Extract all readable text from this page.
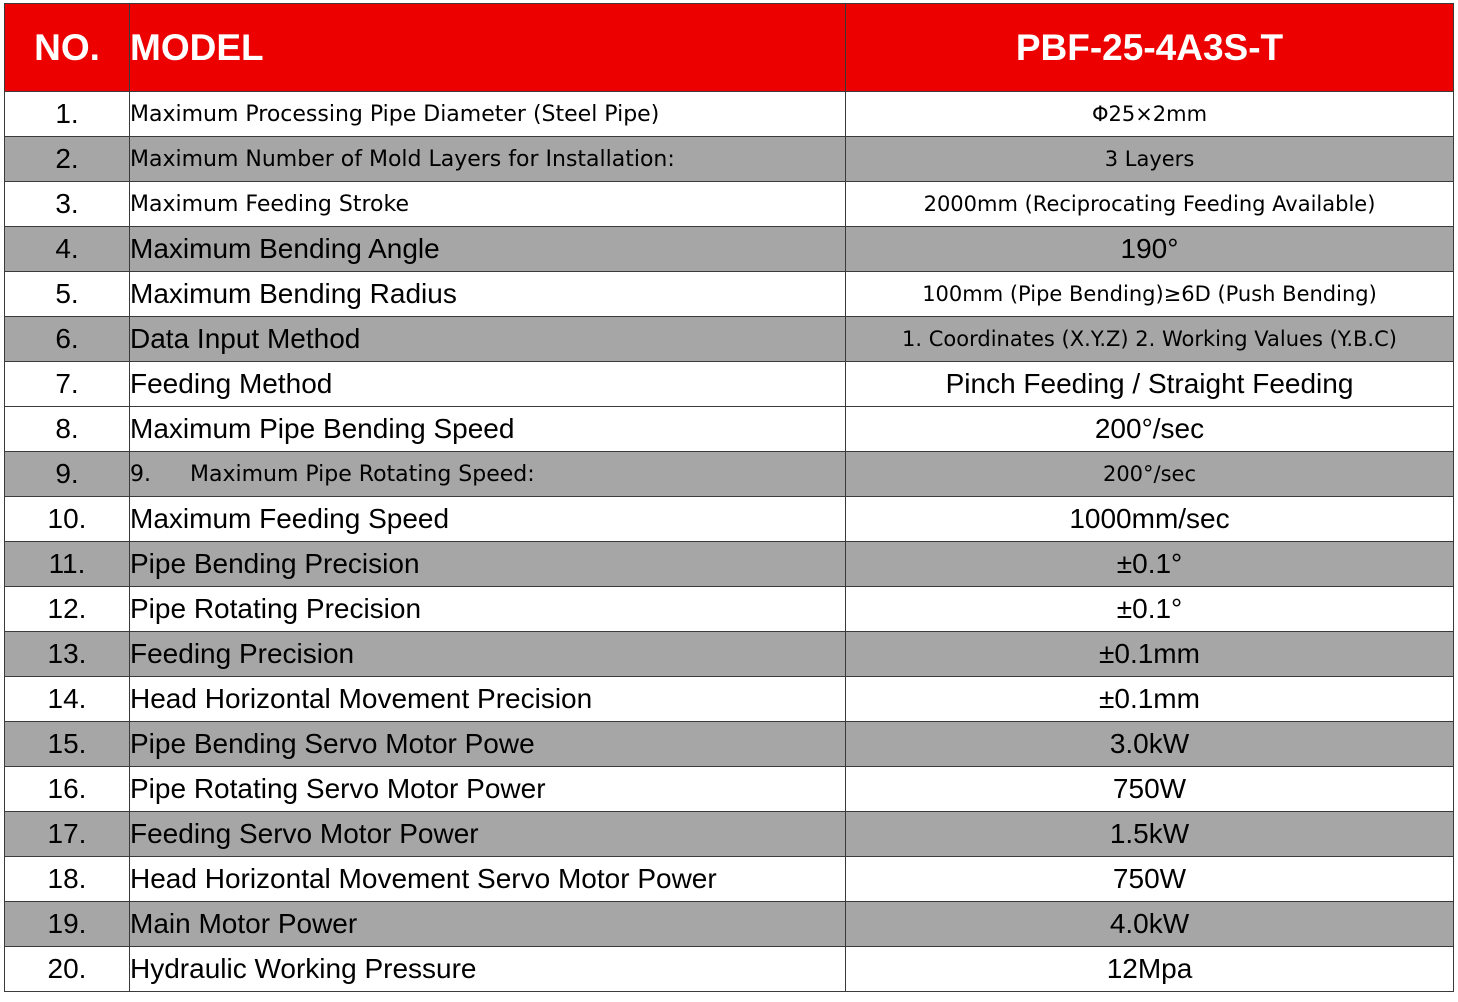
NO.	MODEL	PBF-25-4A3S-T
1.	Maximum Processing Pipe Diameter (Steel Pipe)	Φ25×2mm
2.	Maximum Number of Mold Layers for Installation:	3 Layers
3.	Maximum Feeding Stroke	2000mm (Reciprocating Feeding Available)
4.	Maximum Bending Angle	190°
5.	Maximum Bending Radius	100mm (Pipe Bending)≥6D (Push Bending)
6.	Data Input Method	1. Coordinates (X.Y.Z) 2. Working Values (Y.B.C)
7.	Feeding Method	Pinch Feeding / Straight Feeding
8.	Maximum Pipe Bending Speed	200°/sec
9.	9. Maximum Pipe Rotating Speed:	200°/sec
10.	Maximum Feeding Speed	1000mm/sec
11.	Pipe Bending Precision	±0.1°
12.	Pipe Rotating Precision	±0.1°
13.	Feeding Precision	±0.1mm
14.	Head Horizontal Movement Precision	±0.1mm
15.	Pipe Bending Servo Motor Powe	3.0kW
16.	Pipe Rotating Servo Motor Power	750W
17.	Feeding Servo Motor Power	1.5kW
18.	Head Horizontal Movement Servo Motor Power	750W
19.	Main Motor Power	4.0kW
20.	Hydraulic Working Pressure	12Mpa
